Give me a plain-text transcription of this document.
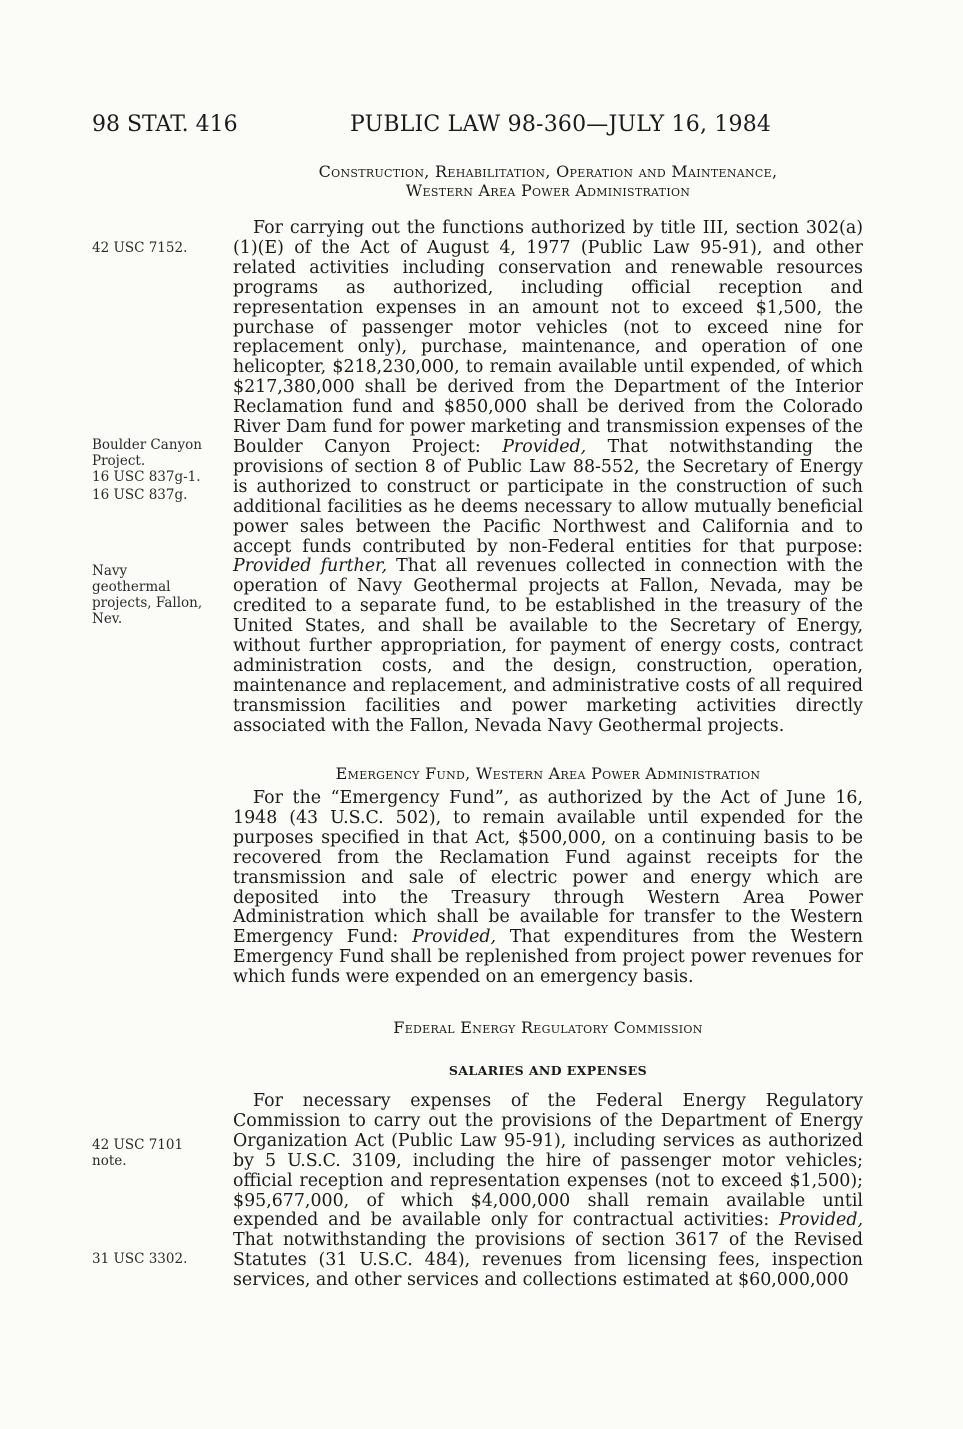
98 STAT. 416	PUBLIC LAW 98-360—JULY 16, 1984
42 USC 7152.
Boulder Canyon
Project.
16 USC 837g-1.
16 USC 837g.
Navy
geothermal
projects, Fallon,
Nev.
42 USC 7101
note.
31 USC 3302.
Construction, Rehabilitation, Operation and Maintenance,
Western Area Power Administration

For carrying out the functions authorized by title III, section 302(a)(1)(E) of the Act of August 4, 1977 (Public Law 95-91), and other related activities including conservation and renewable resources programs as authorized, including official reception and representation expenses in an amount not to exceed $1,500, the purchase of passenger motor vehicles (not to exceed nine for replacement only), purchase, maintenance, and operation of one helicopter, $218,230,000, to remain available until expended, of which $217,380,000 shall be derived from the Department of the Interior Reclamation fund and $850,000 shall be derived from the Colorado River Dam fund for power marketing and transmission expenses of the Boulder Canyon Project: Provided, That notwithstanding the provisions of section 8 of Public Law 88-552, the Secretary of Energy is authorized to construct or participate in the construction of such additional facilities as he deems necessary to allow mutually beneficial power sales between the Pacific Northwest and California and to accept funds contributed by non-Federal entities for that purpose: Provided further, That all revenues collected in connection with the operation of Navy Geothermal projects at Fallon, Nevada, may be credited to a separate fund, to be established in the treasury of the United States, and shall be available to the Secretary of Energy, without further appropriation, for payment of energy costs, contract administration costs, and the design, construction, operation, maintenance and replacement, and administrative costs of all required transmission facilities and power marketing activities directly associated with the Fallon, Nevada Navy Geothermal projects.

Emergency Fund, Western Area Power Administration

For the “Emergency Fund”, as authorized by the Act of June 16, 1948 (43 U.S.C. 502), to remain available until expended for the purposes specified in that Act, $500,000, on a continuing basis to be recovered from the Reclamation Fund against receipts for the transmission and sale of electric power and energy which are deposited into the Treasury through Western Area Power Administration which shall be available for transfer to the Western Emergency Fund: Provided, That expenditures from the Western Emergency Fund shall be replenished from project power revenues for which funds were expended on an emergency basis.

Federal Energy Regulatory Commission
SALARIES AND EXPENSES

For necessary expenses of the Federal Energy Regulatory Commission to carry out the provisions of the Department of Energy Organization Act (Public Law 95-91), including services as authorized by 5 U.S.C. 3109, including the hire of passenger motor vehicles; official reception and representation expenses (not to exceed $1,500); $95,677,000, of which $4,000,000 shall remain available until expended and be available only for contractual activities: Provided, That notwithstanding the provisions of section 3617 of the Revised Statutes (31 U.S.C. 484), revenues from licensing fees, inspection services, and other services and collections estimated at $60,000,000
